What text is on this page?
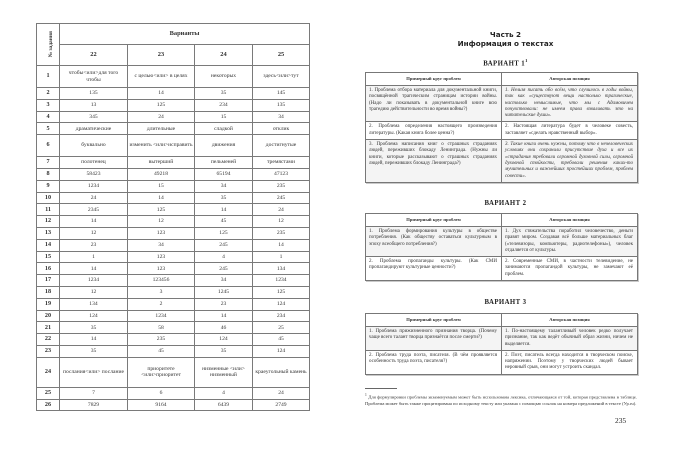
№ задания	Варианты			
	22	23	24	25
1	чтобы<или>для того чтобы	с целью<или> в целях	некоторых	здесь<или>тут
2	135	14	35	145
3	13	125	234	135
4	345	24	15	34
5	драматические	длительные	сладкой	отклик
6	буквально	изменить <или>исправить	движения	достигнутые
7	полотенец	вытерший	пельменей	тремястами
8	58423	49218	65194	47123
9	1234	15	34	235
10	24	14	35	245
11	2345	125	14	24
12	14	12	45	12
13	12	123	125	235
14	23	34	245	14
15	1	123	4	1
16	14	123	245	134
17	1234	123456	34	1234
18	12	3	1245	125
19	134	2	23	124
20	124	1234	14	234
21	35	58	46	25
22	14	235	124	45
23	35	45	35	124
24	послания<или> послание	приоритете <или>приоритет	низменные <или> низменный	краеугольный камень
25	7	6	4	24
26	7829	9164	6439	2749
Часть 2
Информация о текстах
ВАРИАНТ $1^1$
Примерный круг проблем	Авторская позиция
1. Проблема отбора материала для документальной книги, посвящённой трагическим страницам истории войны. (Надо ли показывать в документальной книге всю трагедию действительности во время войны?)	1. Нельзя писать обо всём, что случилось в годы войны, так как «существуют вещи настолько трагические, настолько немыслимые, что мы с Адамовичем почувствовали: не имеем права взваливать это на читательские души».
2. Проблема определения настоящего произведения литературы. (Какая книга более ценна?)	2. Настоящая литература будет в человеке совесть, заставляет «сделать нравственный выбор».
3. Проблема написания книг о страшных страданиях людей, переживших блокаду Ленинграда. (Нужны ли книги, которые рассказывают о страшных страданиях людей, переживших блокаду Ленинграда?)	3. Такие книги очень нужны, потому что в нечеловеческих условиях они сохранили присутствие духа и все их «страдания требовали огромной духовной силы, огромной духовной стойкости, требовали решения каких-то мучительных и важнейших простейших проблем, проблем совести».
ВАРИАНТ 2
Примерный круг проблем	Авторская позиция
1. Проблема формирования культуры в обществе потребления. (Как обществу оставаться культурным в эпоху всеобщего потребления?)	1. Дух стяжательства поработил человечество, деньги правят миром. Создавая всё больше материальных благ («телевизоры, компьютеры, радиотелефоны»), человек отдаляется от культуры.
2. Проблема пропаганды культуры. (Как СМИ пропагандируют культурные ценности?)	2. Современные СМИ, в частности телевидение, не занимаются пропагандой культуры, не замечают её проблем.
ВАРИАНТ 3
Примерный круг проблем	Авторская позиция
1. Проблема прижизненного признания творца. (Почему чаще всего талант творца признаётся после смерти?)	1. По-настоящему талантливый человек редко получает признание, так как ведёт обычный образ жизни, ничем не выделяется.
2. Проблема труда поэта, писателя. (В чём проявляется особенность труда поэта, писателя?)	2. Поэт, писатель всегда находится в творческом поиске, напряжении. Поэтому у творческих людей бывает неровный срыв, они могут устроить скандал.
$^1$ Для формулировки проблемы экзаменуемым может быть использована лексика, отличающаяся от той, которая представлена в таблице. Проблема может быть также процитирована по исходному тексту или указана с помощью ссылок на номера предложений в тексте (Ур.ru).
235
